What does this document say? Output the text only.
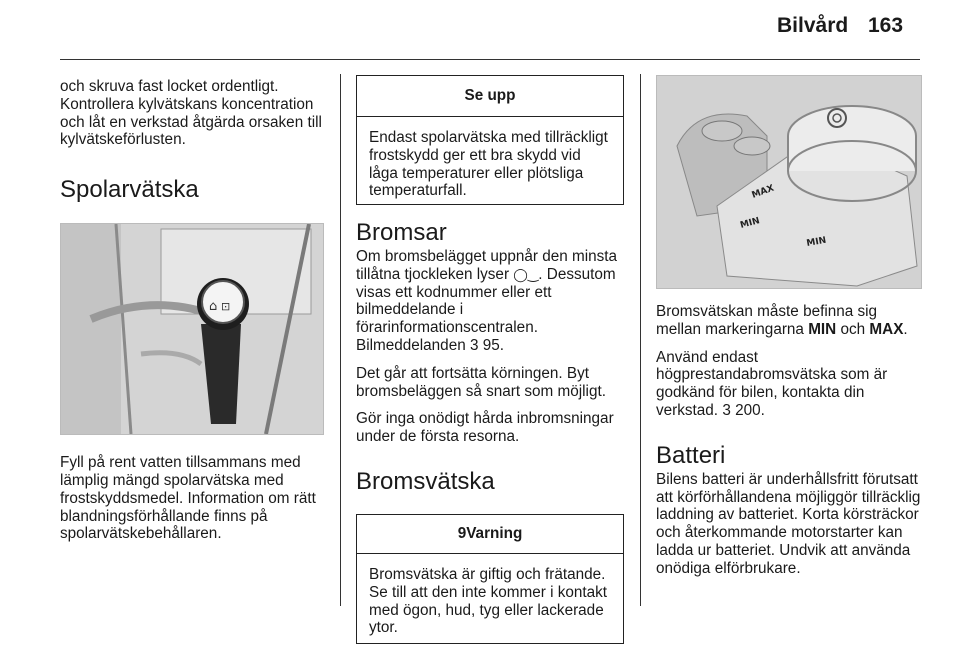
Bilvård 163

och skruva fast locket ordentligt. Kontrollera kylvätskans koncentration och låt en verkstad åtgärda orsaken till kylvätskeförlusten.

Spolarvätska
⌂ ⊡

Fyll på rent vatten tillsammans med lämplig mängd spolarvätska med frostskyddsmedel. Information om rätt blandningsförhållande finns på spolarvätskebehållaren.

Se upp

Endast spolarvätska med tillräckligt frostskydd ger ett bra skydd vid låga temperaturer eller plötsliga temperaturfall.

Bromsar

Om bromsbelägget uppnår den minsta tillåtna tjockleken lyser ◯‿. Dessutom visas ett kodnummer eller ett bilmeddelande i förarinformationscentralen. Bilmeddelanden 3 95.

Det går att fortsätta körningen. Byt bromsbeläggen så snart som möjligt.

Gör inga onödigt hårda inbromsningar under de första resorna.

Bromsvätska
9Varning

Bromsvätska är giftig och frätande. Se till att den inte kommer i kontakt med ögon, hud, tyg eller lackerade ytor.

MAX
MIN
MIN

Bromsvätskan måste befinna sig mellan markeringarna MIN och MAX.

Använd endast högprestandabromsvätska som är godkänd för bilen, kontakta din verkstad. 3 200.

Batteri

Bilens batteri är underhållsfritt förutsatt att körförhållandena möjliggör tillräcklig laddning av batteriet. Korta körsträckor och återkommande motorstarter kan ladda ur batteriet. Undvik att använda onödiga elförbrukare.
